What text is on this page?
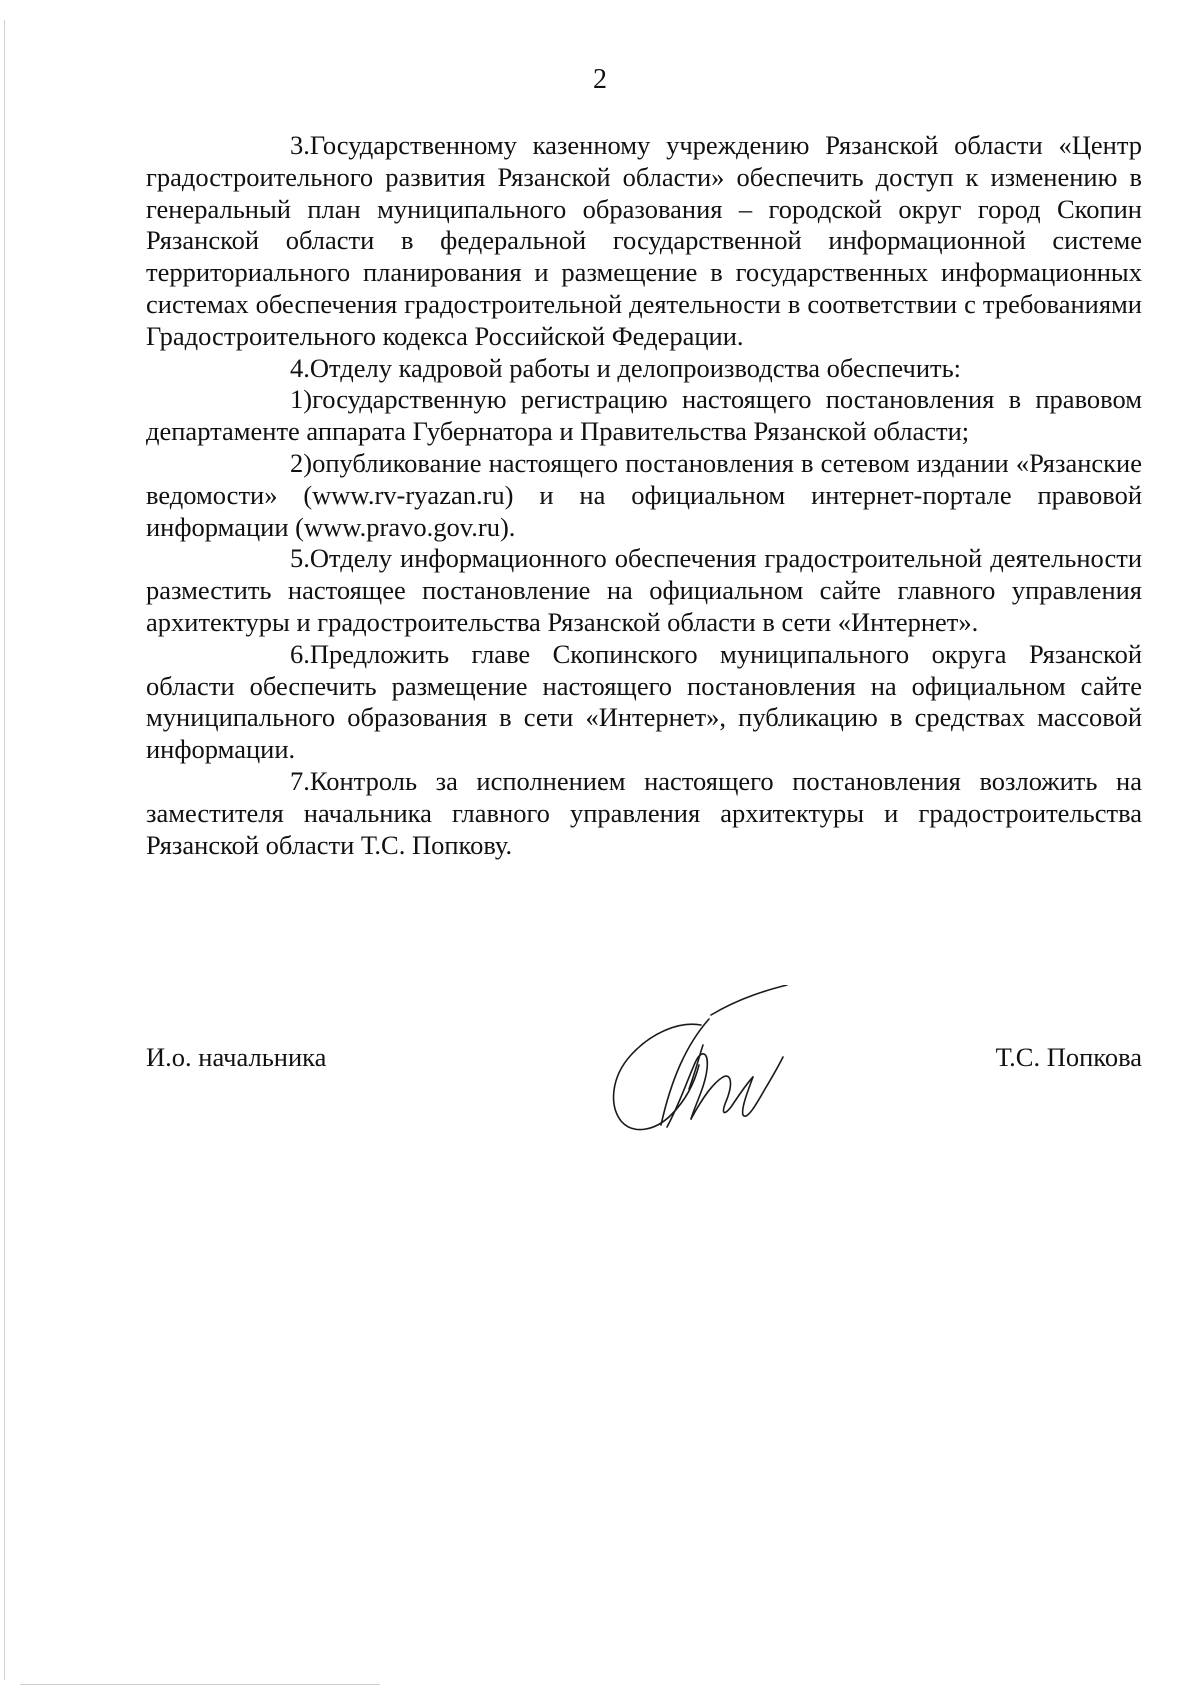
2

3.Государственному казенному учреждению Рязанской области «Центр градостроительного развития Рязанской области» обеспечить доступ к изменению в генеральный план муниципального образования – городской округ город Скопин Рязанской области в федеральной государственной информационной системе территориального планирования и размещение в государственных информационных системах обеспечения градостроительной деятельности в соответствии с требованиями Градостроительного кодекса Российской Федерации.

4.Отделу кадровой работы и делопроизводства обеспечить:

1)государственную регистрацию настоящего постановления в правовом департаменте аппарата Губернатора и Правительства Рязанской области;

2)опубликование настоящего постановления в сетевом издании «Рязанские ведомости» (www.rv-ryazan.ru) и на официальном интернет-портале правовой информации (www.pravo.gov.ru).

5.Отделу информационного обеспечения градостроительной деятельности разместить настоящее постановление на официальном сайте главного управления архитектуры и градостроительства Рязанской области в сети «Интернет».

6.Предложить главе Скопинского муниципального округа Рязанской области обеспечить размещение настоящего постановления на официальном сайте муниципального образования в сети «Интернет», публикацию в средствах массовой информации.

7.Контроль за исполнением настоящего постановления возложить на заместителя начальника главного управления архитектуры и градостроительства Рязанской области Т.С. Попкову.

И.о. начальника	Т.С. Попкова
